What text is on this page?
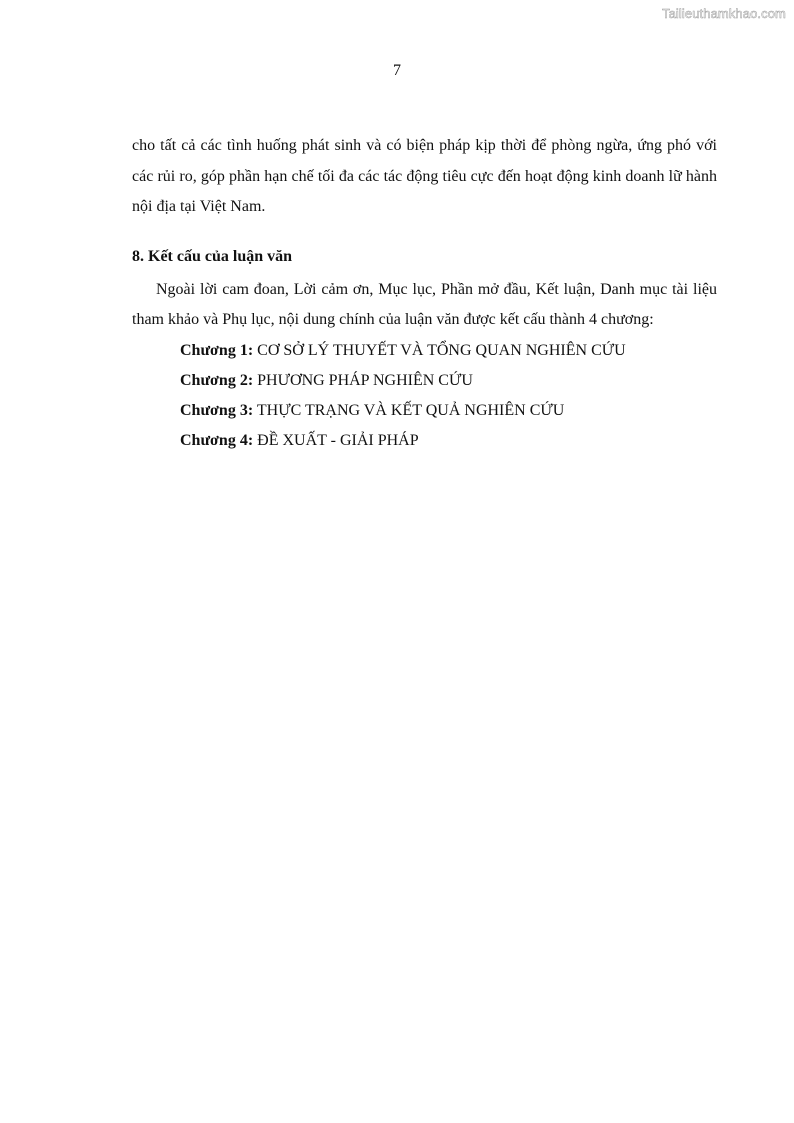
Tailieuthamkhao.com
7

cho tất cả các tình huống phát sinh và có biện pháp kịp thời để phòng ngừa, ứng phó với các rủi ro, góp phần hạn chế tối đa các tác động tiêu cực đến hoạt động kinh doanh lữ hành nội địa tại Việt Nam.

8. Kết cấu của luận văn

Ngoài lời cam đoan, Lời cảm ơn, Mục lục, Phần mở đầu, Kết luận, Danh mục tài liệu tham khảo và Phụ lục, nội dung chính của luận văn được kết cấu thành 4 chương:

Chương 1: CƠ SỞ LÝ THUYẾT VÀ TỔNG QUAN NGHIÊN CỨU
Chương 2: PHƯƠNG PHÁP NGHIÊN CỨU
Chương 3: THỰC TRẠNG VÀ KẾT QUẢ NGHIÊN CỨU
Chương 4: ĐỀ XUẤT - GIẢI PHÁP
